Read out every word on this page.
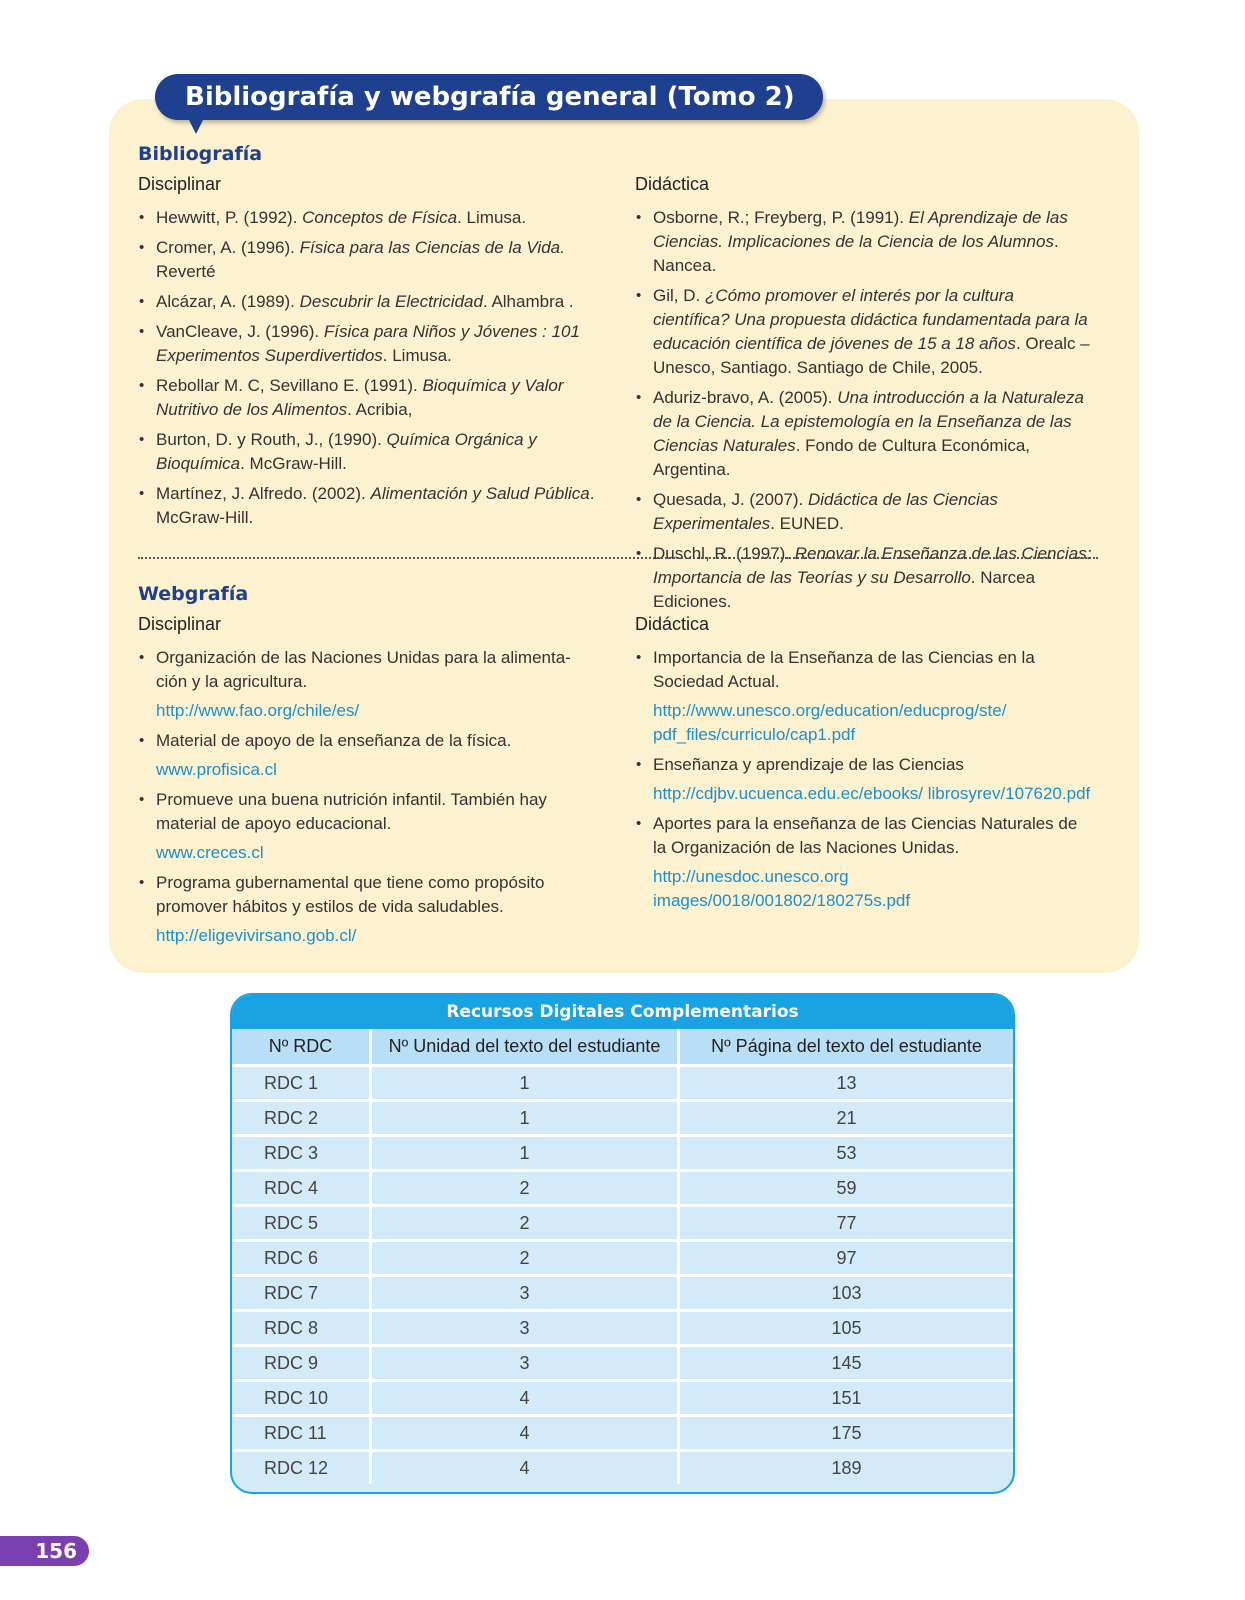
Bibliografía y webgrafía general (Tomo 2)
Bibliografía
Disciplinar
• Hewwitt, P. (1992). Conceptos de Física. Limusa.
• Cromer, A. (1996). Física para las Ciencias de la Vida. Reverté
• Alcázar, A. (1989). Descubrir la Electricidad. Alhambra .
• VanCleave, J. (1996). Física para Niños y Jóvenes : 101 Experimentos Superdivertidos. Limusa.
• Rebollar M. C, Sevillano E. (1991). Bioquímica y Valor Nutritivo de los Alimentos. Acribia,
• Burton, D. y Routh, J., (1990). Química Orgánica y Bioquímica. McGraw-Hill.
• Martínez, J. Alfredo. (2002). Alimentación y Salud Pública. McGraw-Hill.
Didáctica
• Osborne, R.; Freyberg, P. (1991). El Aprendizaje de las Ciencias. Implicaciones de la Ciencia de los Alumnos. Nancea.
• Gil, D. ¿Cómo promover el interés por la cultura científica? Una propuesta didáctica fundamentada para la educación científica de jóvenes de 15 a 18 años. Orealc – Unesco, Santiago. Santiago de Chile, 2005.
• Aduriz-bravo, A. (2005). Una introducción a la Naturaleza de la Ciencia. La epistemología en la Enseñanza de las Ciencias Naturales. Fondo de Cultura Económica, Argentina.
• Quesada, J. (2007). Didáctica de las Ciencias Experimentales. EUNED.
• Duschl, R. (1997). Renovar la Enseñanza de las Ciencias: Importancia de las Teorías y su Desarrollo. Narcea Ediciones.
Webgrafía
Disciplinar
• Organización de las Naciones Unidas para la alimenta-ción y la agricultura.
http://www.fao.org/chile/es/
• Material de apoyo de la enseñanza de la física.
www.profisica.cl
• Promueve una buena nutrición infantil. También hay material de apoyo educacional.
www.creces.cl
• Programa gubernamental que tiene como propósito promover hábitos y estilos de vida saludables.
http://eligevivirsano.gob.cl/
Didáctica
• Importancia de la Enseñanza de las Ciencias en la Sociedad Actual.
http://www.unesco.org/education/educprog/ste/ pdf_files/curriculo/cap1.pdf
• Enseñanza y aprendizaje de las Ciencias
http://cdjbv.ucuenca.edu.ec/ebooks/ librosyrev/107620.pdf
• Aportes para la enseñanza de las Ciencias Naturales de la Organización de las Naciones Unidas.
http://unesdoc.unesco.org images/0018/001802/180275s.pdf
Recursos Digitales Complementarios		
Nº RDC	Nº Unidad del texto del estudiante	Nº Página del texto del estudiante
RDC 1	1	13
RDC 2	1	21
RDC 3	1	53
RDC 4	2	59
RDC 5	2	77
RDC 6	2	97
RDC 7	3	103
RDC 8	3	105
RDC 9	3	145
RDC 10	4	151
RDC 11	4	175
RDC 12	4	189
156
